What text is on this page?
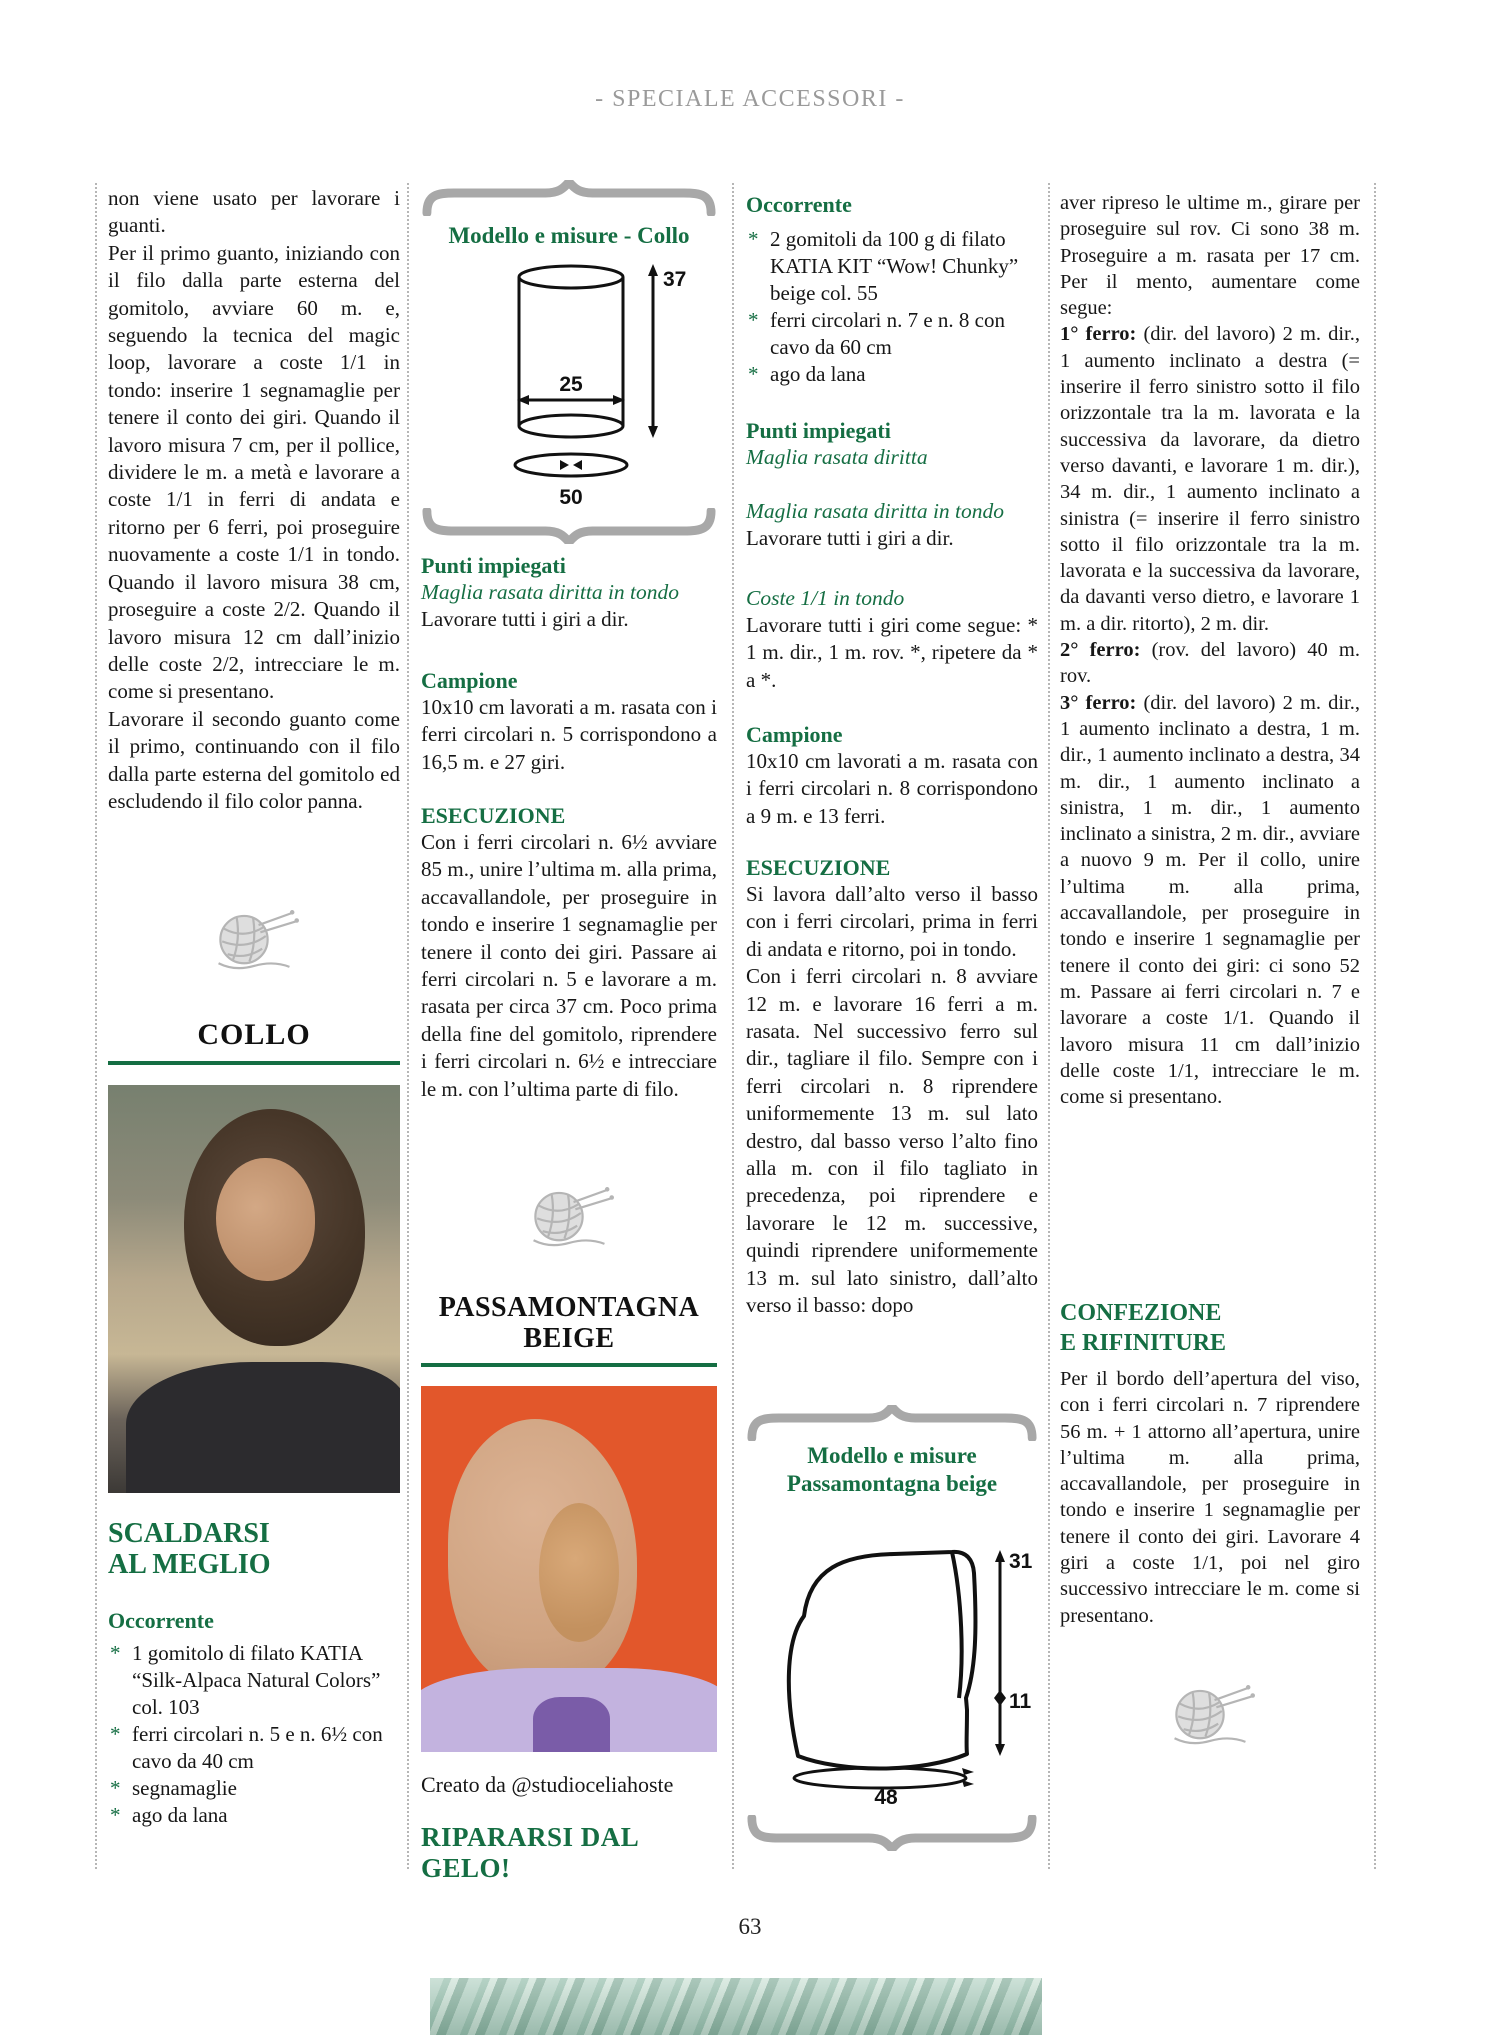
- SPECIALE ACCESSORI -

non viene usato per lavorare i guanti.

Per il primo guanto, iniziando con il filo dalla parte esterna del gomitolo, avviare 60 m. e, seguendo la tecnica del magic loop, lavorare a coste 1/1 in tondo: inserire 1 segnamaglie per tenere il conto dei giri. Quando il lavoro misura 7 cm, per il pollice, dividere le m. a metà e lavorare a coste 1/1 in ferri di andata e ritorno per 6 ferri, poi proseguire nuovamente a coste 1/1 in tondo. Quando il lavoro misura 38 cm, proseguire a coste 2/2. Quando il lavoro misura 12 cm dall’inizio delle coste 2/2, intrecciare le m. come si presentano.

Lavorare il secondo guanto come il primo, continuando con il filo dalla parte esterna del gomitolo ed escludendo il filo color panna.

COLLO
SCALDARSI
AL MEGLIO
Occorrente
* 1 gomitolo di filato KATIA “Silk-Alpaca Natural Colors” col. 103
* ferri circolari n. 5 e n. 6½ con cavo da 40 cm
* segnamaglie
* ago da lana
Modello e misure - Collo
37
25
50
Punti impiegati
Maglia rasata diritta in tondo
Lavorare tutti i giri a dir.
Campione
10x10 cm lavorati a m. rasata con i ferri circolari n. 5 corrispondono a 16,5 m. e 27 giri.
ESECUZIONE
Con i ferri circolari n. 6½ avviare 85 m., unire l’ultima m. alla prima, accavallandole, per proseguire in tondo e inserire 1 segnamaglie per tenere il conto dei giri. Passare ai ferri circolari n. 5 e lavorare a m. rasata per circa 37 cm. Poco prima della fine del gomitolo, riprendere i ferri circolari n. 6½ e intrecciare le m. con l’ultima parte di filo.
PASSAMONTAGNA
BEIGE
Creato da @studioceliahoste
RIPARARSI DAL GELO!
Occorrente
* 2 gomitoli da 100 g di filato KATIA KIT “Wow! Chunky” beige col. 55
* ferri circolari n. 7 e n. 8 con cavo da 60 cm
* ago da lana
Punti impiegati
Maglia rasata diritta
Maglia rasata diritta in tondo
Lavorare tutti i giri a dir.
Coste 1/1 in tondo
Lavorare tutti i giri come segue: * 1 m. dir., 1 m. rov. *, ripetere da * a *.
Campione
10x10 cm lavorati a m. rasata con i ferri circolari n. 8 corrispondono a 9 m. e 13 ferri.
ESECUZIONE

Si lavora dall’alto verso il basso con i ferri circolari, prima in ferri di andata e ritorno, poi in tondo.

Con i ferri circolari n. 8 avviare 12 m. e lavorare 16 ferri a m. rasata. Nel successivo ferro sul dir., tagliare il filo. Sempre con i ferri circolari n. 8 riprendere uniformemente 13 m. sul lato destro, dal basso verso l’alto fino alla m. con il filo tagliato in precedenza, poi riprendere e lavorare le 12 m. successive, quindi riprendere uniformemente 13 m. sul lato sinistro, dall’alto verso il basso: dopo

Modello e misure
Passamontagna beige
31
11
48

aver ripreso le ultime m., girare per proseguire sul rov. Ci sono 38 m. Proseguire a m. rasata per 17 cm. Per il mento, aumentare come segue:

1° ferro: (dir. del lavoro) 2 m. dir., 1 aumento inclinato a destra (= inserire il ferro sinistro sotto il filo orizzontale tra la m. lavorata e la successiva da lavorare, da dietro verso davanti, e lavorare 1 m. dir.), 34 m. dir., 1 aumento inclinato a sinistra (= inserire il ferro sinistro sotto il filo orizzontale tra la m. lavorata e la successiva da lavorare, da davanti verso dietro, e lavorare 1 m. a dir. ritorto), 2 m. dir.

2° ferro: (rov. del lavoro) 40 m. rov.

3° ferro: (dir. del lavoro) 2 m. dir., 1 aumento inclinato a destra, 1 m. dir., 1 aumento inclinato a destra, 34 m. dir., 1 aumento inclinato a sinistra, 1 m. dir., 1 aumento inclinato a sinistra, 2 m. dir., avviare a nuovo 9 m. Per il collo, unire l’ultima m. alla prima, accavallandole, per proseguire in tondo e inserire 1 segnamaglie per tenere il conto dei giri: ci sono 52 m. Passare ai ferri circolari n. 7 e lavorare a coste 1/1. Quando il lavoro misura 11 cm dall’inizio delle coste 1/1, intrecciare le m. come si presentano.

CONFEZIONE
E RIFINITURE
Per il bordo dell’apertura del viso, con i ferri circolari n. 7 riprendere 56 m. + 1 attorno all’apertura, unire l’ultima m. alla prima, accavallandole, per proseguire in tondo e inserire 1 segnamaglie per tenere il conto dei giri. Lavorare 4 giri a coste 1/1, poi nel giro successivo intrecciare le m. come si presentano.
63
